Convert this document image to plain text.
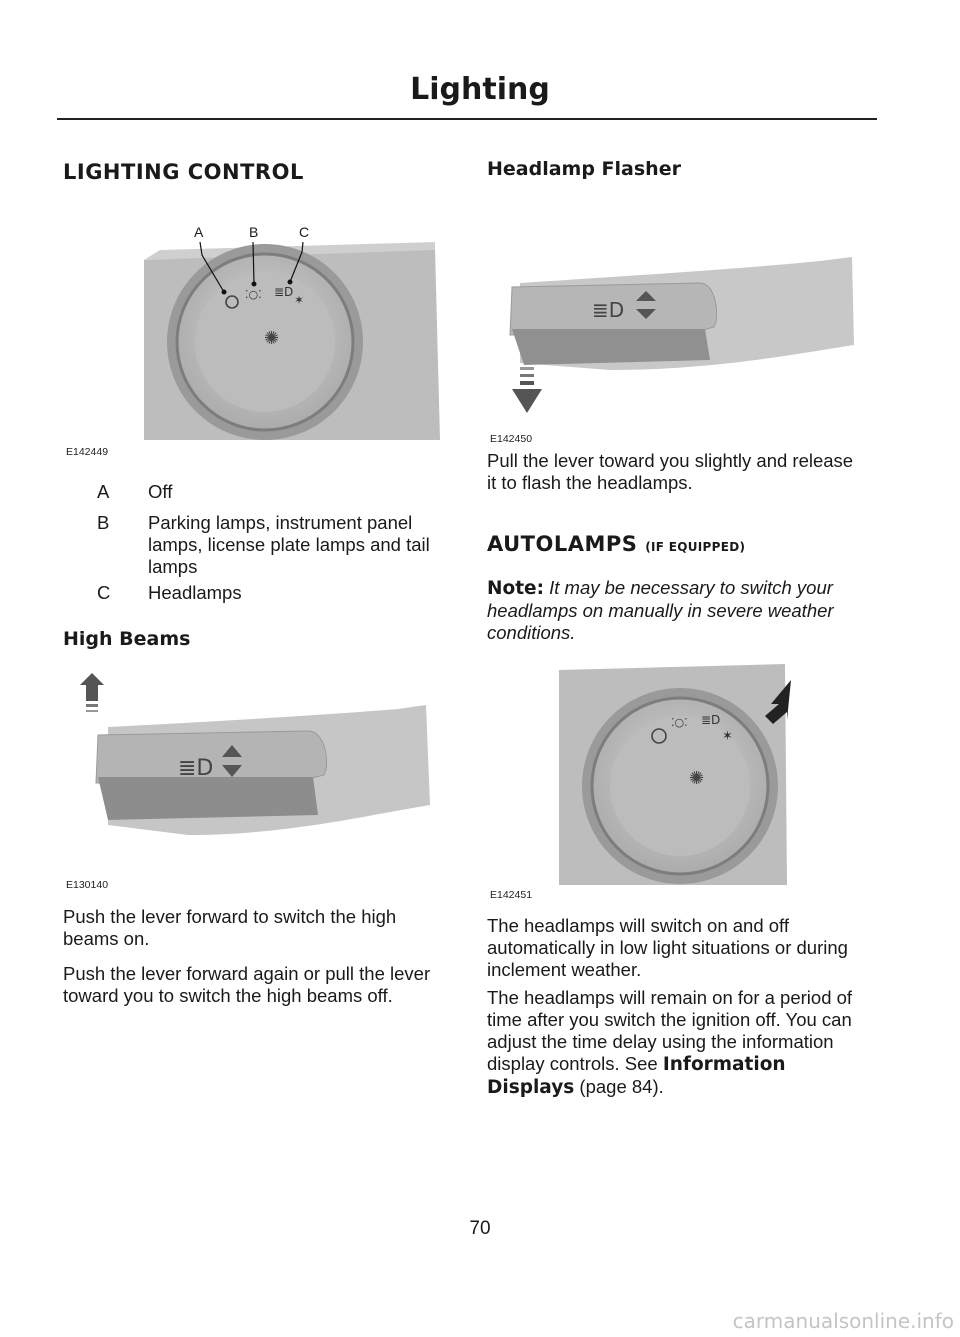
Lighting
LIGHTING CONTROL
⁚○⁚ ≣D
✶
✺
A	B	C
E142449
A Off
B Parking lamps, instrument panel lamps, license plate lamps and tail lamps
C Headlamps
High Beams
≣D
E130140
Push the lever forward to switch the high beams on.
Push the lever forward again or pull the lever toward you to switch the high beams off.
Headlamp Flasher
≣D
E142450
Pull the lever toward you slightly and release it to flash the headlamps.
AUTOLAMPS (IF EQUIPPED)
Note: It may be necessary to switch your headlamps on manually in severe weather conditions.
⁚○⁚ ≣D
✶
✺
E142451
The headlamps will switch on and off automatically in low light situations or during inclement weather.
The headlamps will remain on for a period of time after you switch the ignition off. You can adjust the time delay using the information display controls. See Information Displays (page 84).
70
carmanualsonline.info
